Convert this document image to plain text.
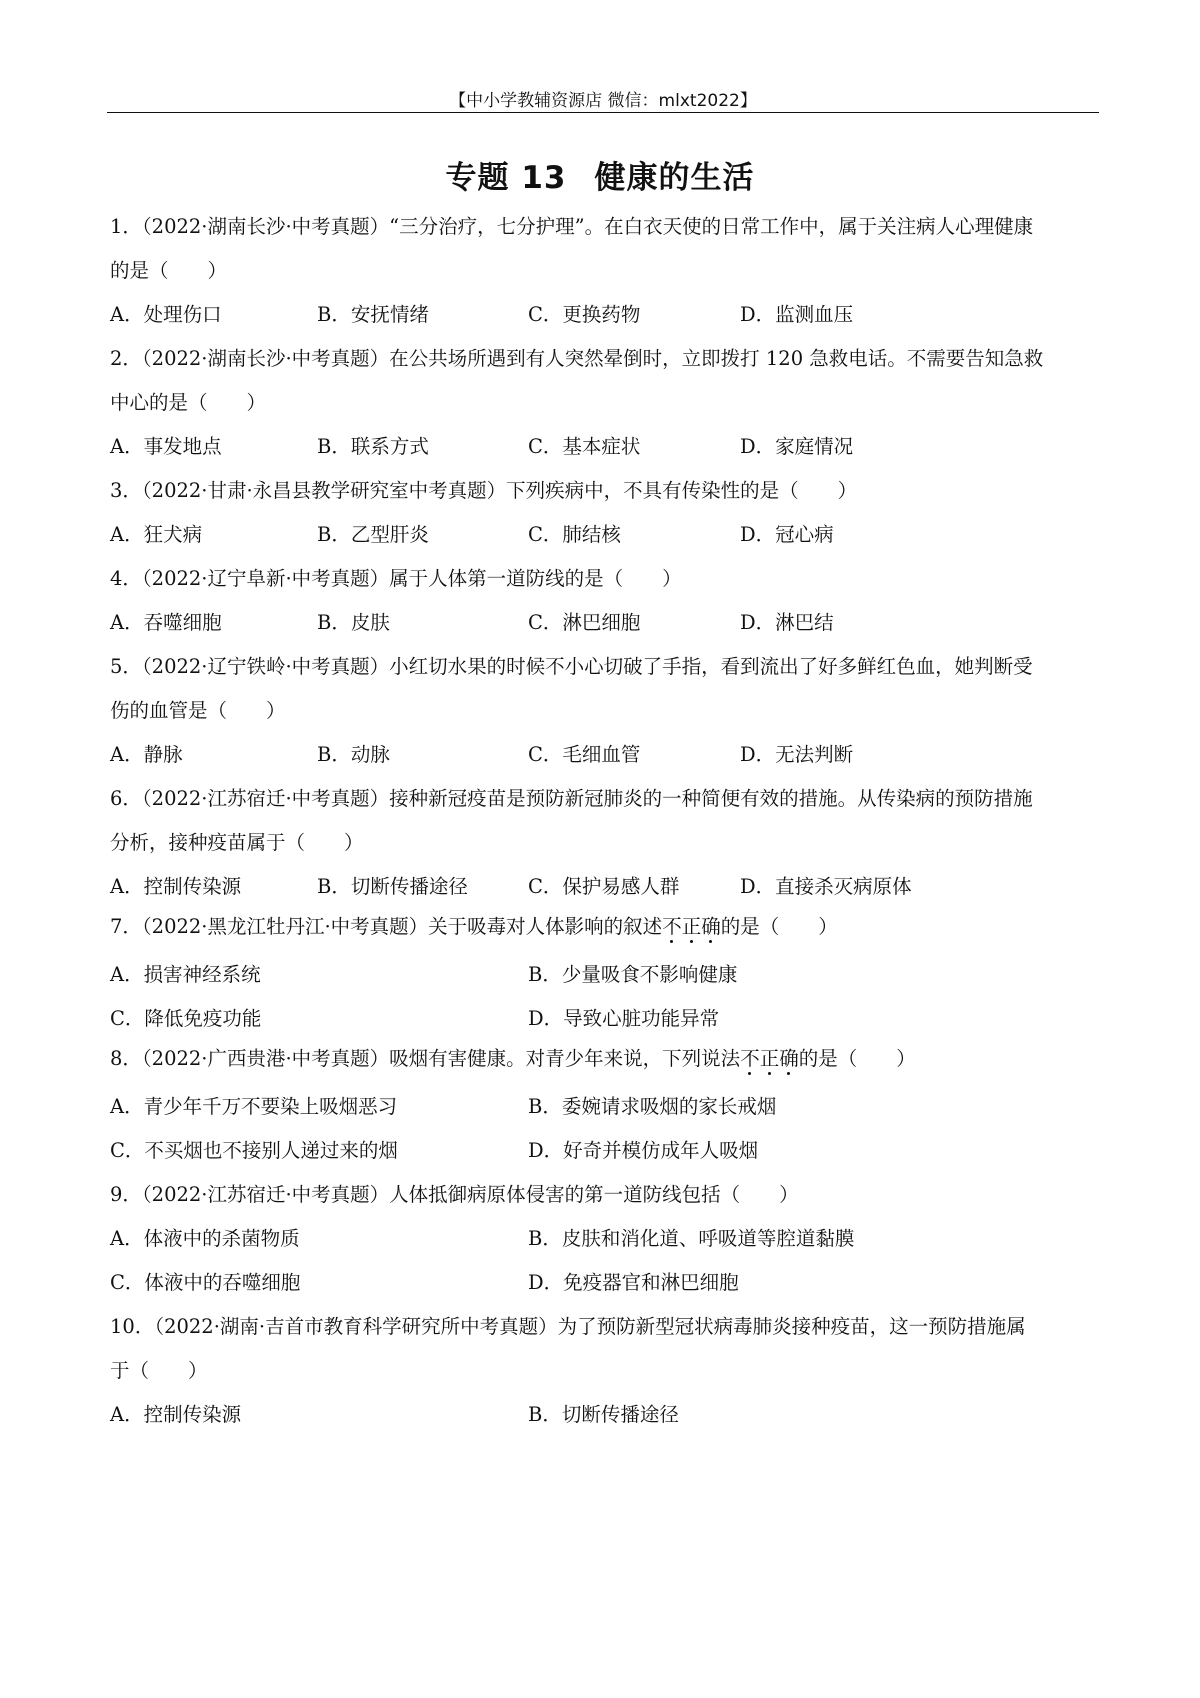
【中小学教辅资源店 微信：mlxt2022】
专题 13 健康的生活
1．（2022·湖南长沙·中考真题）“三分治疗，七分护理”。在白衣天使的日常工作中，属于关注病人心理健康
的是（　　）
A．处理伤口	B．安抚情绪	C．更换药物	D．监测血压
2．（2022·湖南长沙·中考真题）在公共场所遇到有人突然晕倒时，立即拨打 120 急救电话。不需要告知急救
中心的是（　　）
A．事发地点	B．联系方式	C．基本症状	D．家庭情况
3．（2022·甘肃·永昌县教学研究室中考真题）下列疾病中，不具有传染性的是（　　）
A．狂犬病	B．乙型肝炎	C．肺结核	D．冠心病
4．（2022·辽宁阜新·中考真题）属于人体第一道防线的是（　　）
A．吞噬细胞	B．皮肤	C．淋巴细胞	D．淋巴结
5．（2022·辽宁铁岭·中考真题）小红切水果的时候不小心切破了手指，看到流出了好多鲜红色血，她判断受
伤的血管是（　　）
A．静脉	B．动脉	C．毛细血管	D．无法判断
6．（2022·江苏宿迁·中考真题）接种新冠疫苗是预防新冠肺炎的一种简便有效的措施。从传染病的预防措施
分析，接种疫苗属于（　　）
A．控制传染源	B．切断传播途径	C．保护易感人群	D．直接杀灭病原体
7．（2022·黑龙江牡丹江·中考真题）关于吸毒对人体影响的叙述不正确的是（　　）
A．损害神经系统	B．少量吸食不影响健康
C．降低免疫功能	D．导致心脏功能异常
8．（2022·广西贵港·中考真题）吸烟有害健康。对青少年来说，下列说法不正确的是（　　）
A．青少年千万不要染上吸烟恶习	B．委婉请求吸烟的家长戒烟
C．不买烟也不接别人递过来的烟	D．好奇并模仿成年人吸烟
9．（2022·江苏宿迁·中考真题）人体抵御病原体侵害的第一道防线包括（　　）
A．体液中的杀菌物质	B．皮肤和消化道、呼吸道等腔道黏膜
C．体液中的吞噬细胞	D．免疫器官和淋巴细胞
10．（2022·湖南·吉首市教育科学研究所中考真题）为了预防新型冠状病毒肺炎接种疫苗，这一预防措施属
于（　　）
A．控制传染源	B．切断传播途径
